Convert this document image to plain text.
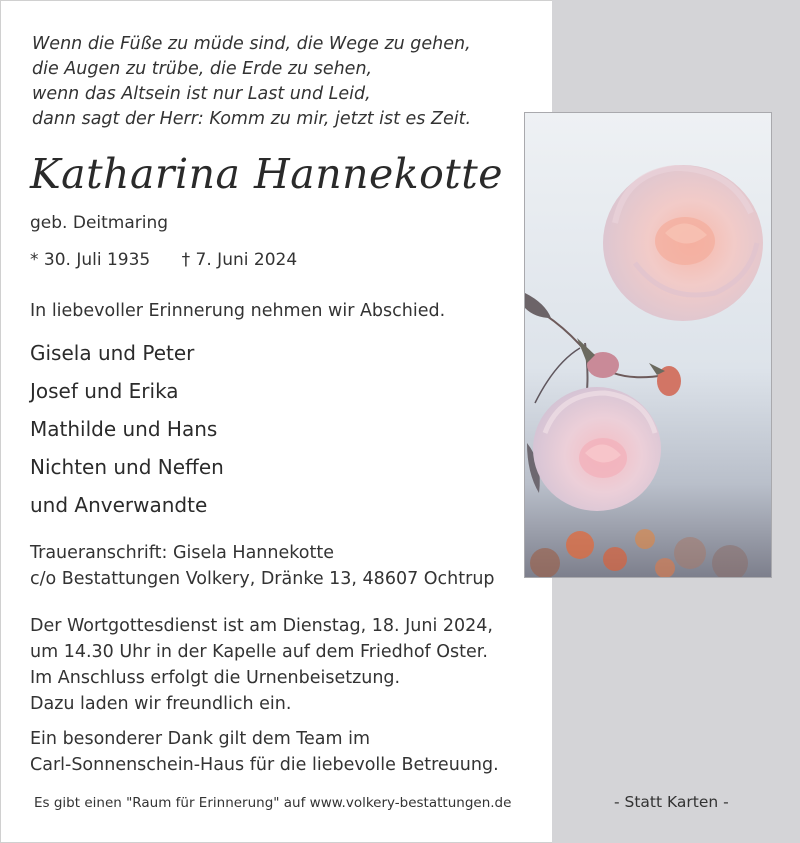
Wenn die Füße zu müde sind, die Wege zu gehen,
die Augen zu trübe, die Erde zu sehen,
wenn das Altsein ist nur Last und Leid,
dann sagt der Herr: Komm zu mir, jetzt ist es Zeit.
Katharina Hannekotte
geb. Deitmaring
* 30. Juli 1935 † 7. Juni 2024
In liebevoller Erinnerung nehmen wir Abschied.
Gisela und Peter
Josef und Erika
Mathilde und Hans
Nichten und Neffen
und Anverwandte
Traueranschrift: Gisela Hannekotte
c/o Bestattungen Volkery, Dränke 13, 48607 Ochtrup
Der Wortgottesdienst ist am Dienstag, 18. Juni 2024,
um 14.30 Uhr in der Kapelle auf dem Friedhof Oster.
Im Anschluss erfolgt die Urnenbeisetzung.
Dazu laden wir freundlich ein.
Ein besonderer Dank gilt dem Team im
Carl-Sonnenschein-Haus für die liebevolle Betreuung.
Es gibt einen "Raum für Erinnerung" auf www.volkery-bestattungen.de	- Statt Karten -
